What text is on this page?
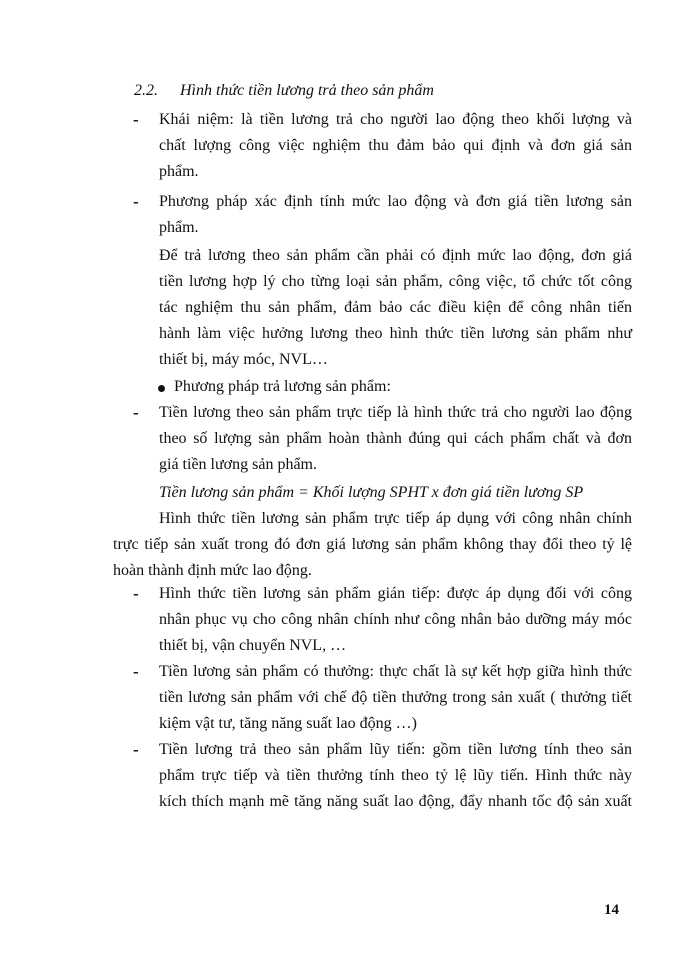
2.2. Hình thức tiền lương trả theo sản phẩm
- Khái niệm: là tiền lương trả cho người lao động theo khối lượng và
chất lượng công việc nghiệm thu đảm bảo qui định và đơn giá sản
phẩm.
- Phương pháp xác định tính mức lao động và đơn giá tiền lương sản
phẩm.
Để trả lương theo sản phẩm cần phải có định mức lao động, đơn giá
tiền lương hợp lý cho từng loại sản phẩm, công việc, tổ chức tốt công
tác nghiệm thu sản phẩm, đảm bảo các điều kiện để công nhân tiến
hành làm việc hưởng lương theo hình thức tiền lương sản phẩm như
thiết bị, máy móc, NVL…
Phương pháp trả lương sản phẩm:
- Tiền lương theo sản phẩm trực tiếp là hình thức trả cho người lao động
theo số lượng sản phẩm hoàn thành đúng qui cách phẩm chất và đơn
giá tiền lương sản phẩm.
Tiền lương sản phẩm = Khối lượng SPHT x đơn giá tiền lương SP
Hình thức tiền lương sản phẩm trực tiếp áp dụng với công nhân chính
trực tiếp sản xuất trong đó đơn giá lương sản phẩm không thay đổi theo tỷ lệ
hoàn thành định mức lao động.
- Hình thức tiền lương sản phẩm gián tiếp: được áp dụng đối với công
nhân phục vụ cho công nhân chính như công nhân bảo dưỡng máy móc
thiết bị, vận chuyển NVL, …
- Tiền lương sản phẩm có thưởng: thực chất là sự kết hợp giữa hình thức
tiền lương sản phẩm với chế độ tiền thưởng trong sản xuất ( thưởng tiết
kiệm vật tư, tăng năng suất lao động …)
- Tiền lương trả theo sản phẩm lũy tiến: gồm tiền lương tính theo sản
phẩm trực tiếp và tiền thưởng tính theo tỷ lệ lũy tiến. Hình thức này
kích thích mạnh mẽ tăng năng suất lao động, đẩy nhanh tốc độ sản xuất
14
